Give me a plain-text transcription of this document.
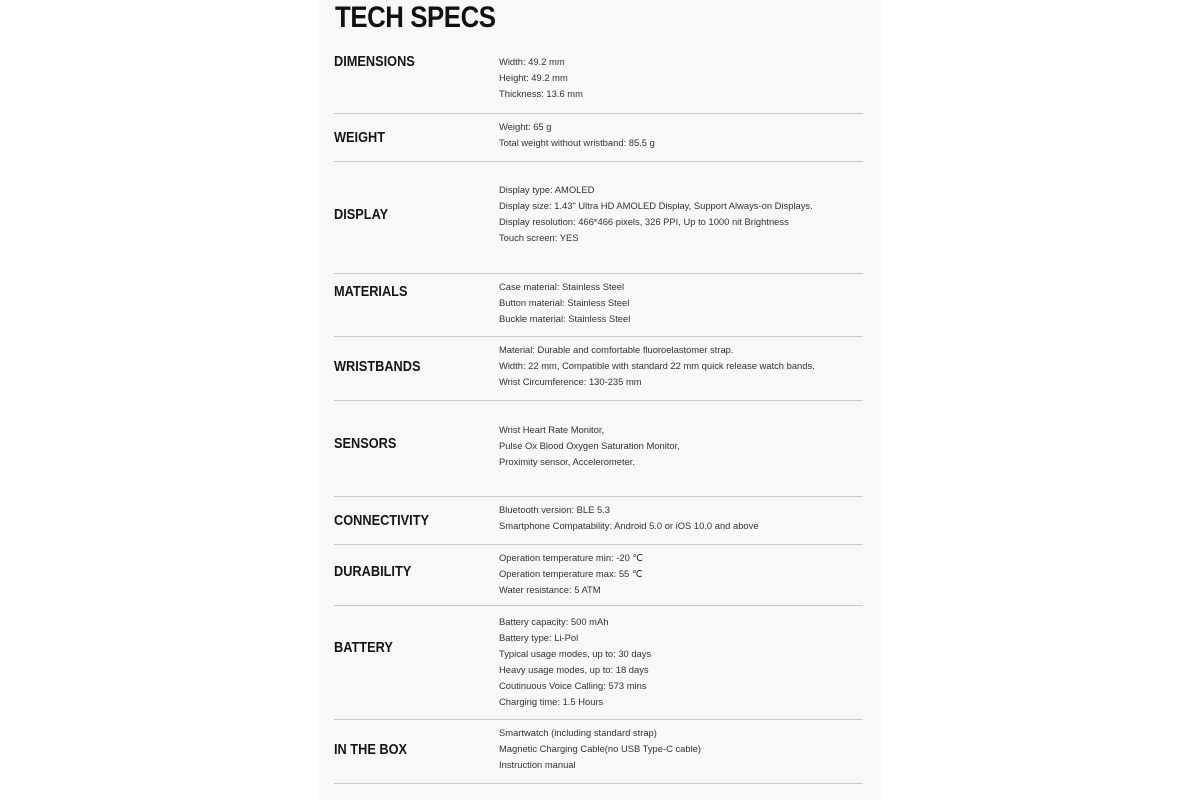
TECH SPECS
DIMENSIONS	Width: 49.2 mm
Height: 49.2 mm
Thickness: 13.6 mm
WEIGHT
Weight: 65 g
Total weight without wristband: 85.5 g
DISPLAY
Display type: AMOLED
Display size: 1.43" Ultra HD AMOLED Display, Support Always-on Displays.
Display resolution: 466*466 pixels, 326 PPI, Up to 1000 nit Brightness
Touch screen: YES
MATERIALS	Case material: Stainless Steel
Button material: Stainless Steel
Buckle material: Stainless Steel
WRISTBANDS
Material: Durable and comfortable fluoroelastomer strap.
Width: 22 mm, Compatible with standard 22 mm quick release watch bands.
Wrist Circumference: 130-235 mm
SENSORS
Wrist Heart Rate Monitor,
Pulse Ox Blood Oxygen Saturation Monitor,
Proximity sensor, Accelerometer.
CONNECTIVITY
Bluetooth version: BLE 5.3
Smartphone Compatability: Android 5.0 or iOS 10.0 and above
DURABILITY
Operation temperature min: -20 ℃
Operation temperature max: 55 ℃
Water resistance: 5 ATM
BATTERY
Battery capacity: 500 mAh
Battery type: Li-Pol
Typical usage modes, up to: 30 days
Heavy usage modes, up to: 18 days
Coutinuous Voice Calling: 573 mins
Charging time: 1.5 Hours
IN THE BOX
Smartwatch (including standard strap)
Magnetic Charging Cable(no USB Type-C cable)
Instruction manual
